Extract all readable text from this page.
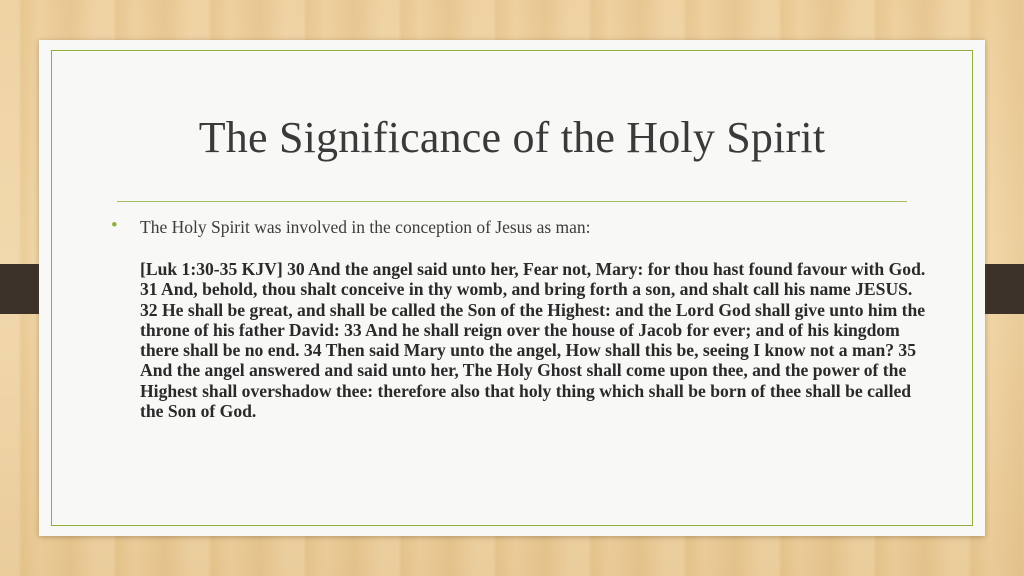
The Significance of the Holy Spirit
• The Holy Spirit was involved in the conception of Jesus as man:
[Luk 1:30-35 KJV] 30 And the angel said unto her, Fear not, Mary: for thou hast found favour with God. 31 And, behold, thou shalt conceive in thy womb, and bring forth a son, and shalt call his name JESUS. 32 He shall be great, and shall be called the Son of the Highest: and the Lord God shall give unto him the throne of his father David: 33 And he shall reign over the house of Jacob for ever; and of his kingdom there shall be no end. 34 Then said Mary unto the angel, How shall this be, seeing I know not a man? 35 And the angel answered and said unto her, The Holy Ghost shall come upon thee, and the power of the Highest shall overshadow thee: therefore also that holy thing which shall be born of thee shall be called the Son of God.
